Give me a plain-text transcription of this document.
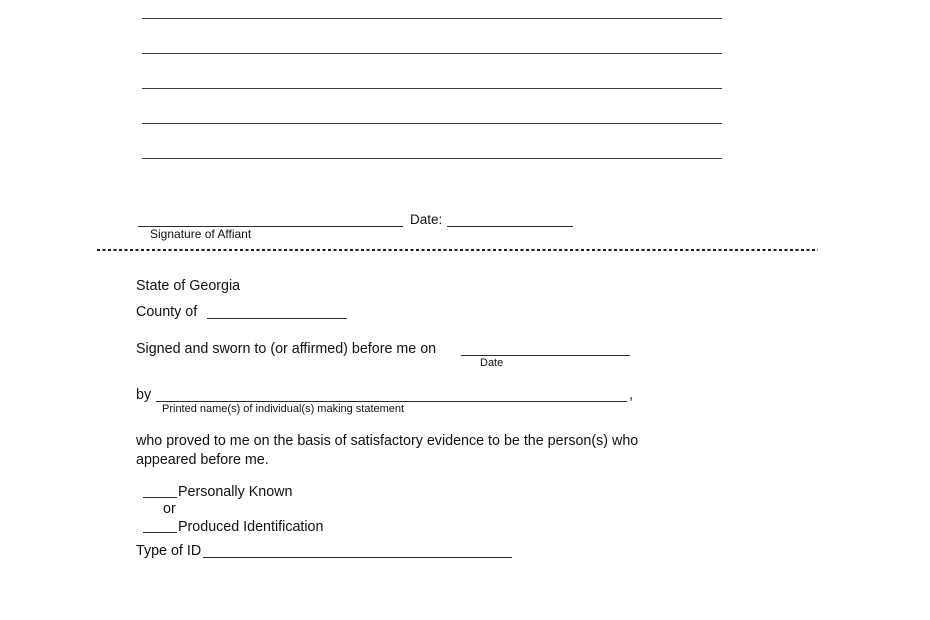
Date:
Signature of Affiant
State of Georgia
County of
Signed and sworn to (or affirmed) before me on
Date
by	,
Printed name(s) of individual(s) making statement
who proved to me on the basis of satisfactory evidence to be the person(s) who appeared before me.
Personally Known
or
Produced Identification
Type of ID
